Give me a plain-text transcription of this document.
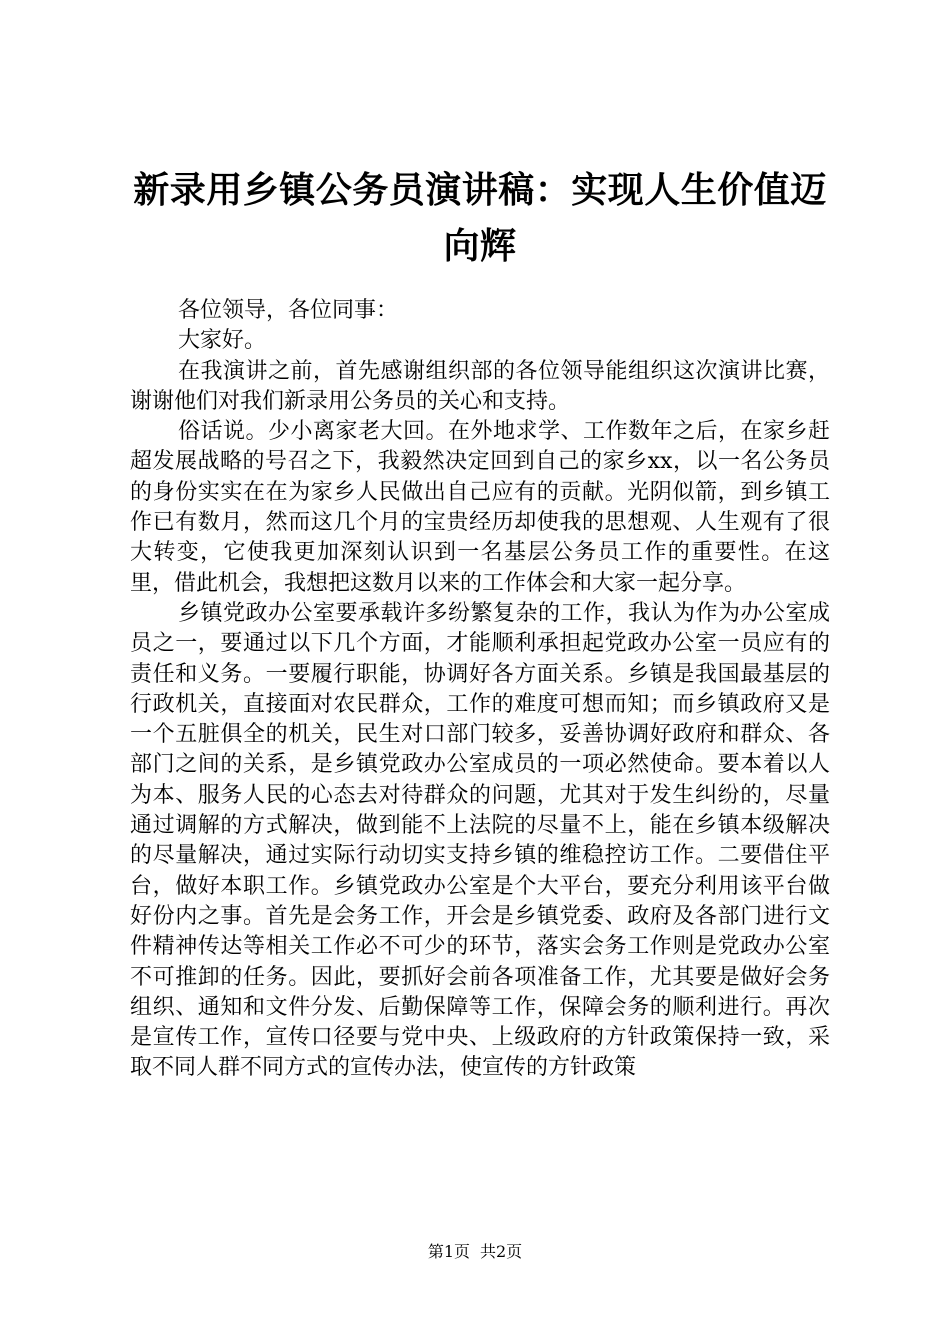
新录用乡镇公务员演讲稿：实现人生价值迈向辉

各位领导，各位同事：

大家好。

在我演讲之前，首先感谢组织部的各位领导能组织这次演讲比赛，谢谢他们对我们新录用公务员的关心和支持。

俗话说。少小离家老大回。在外地求学、工作数年之后，在家乡赶超发展战略的号召之下，我毅然决定回到自己的家乡xx，以一名公务员的身份实实在在为家乡人民做出自己应有的贡献。光阴似箭，到乡镇工作已有数月，然而这几个月的宝贵经历却使我的思想观、人生观有了很大转变，它使我更加深刻认识到一名基层公务员工作的重要性。在这里，借此机会，我想把这数月以来的工作体会和大家一起分享。

乡镇党政办公室要承载许多纷繁复杂的工作，我认为作为办公室成员之一，要通过以下几个方面，才能顺利承担起党政办公室一员应有的责任和义务。一要履行职能，协调好各方面关系。乡镇是我国最基层的行政机关，直接面对农民群众，工作的难度可想而知；而乡镇政府又是一个五脏俱全的机关，民生对口部门较多，妥善协调好政府和群众、各部门之间的关系，是乡镇党政办公室成员的一项必然使命。要本着以人为本、服务人民的心态去对待群众的问题，尤其对于发生纠纷的，尽量通过调解的方式解决，做到能不上法院的尽量不上，能在乡镇本级解决的尽量解决，通过实际行动切实支持乡镇的维稳控访工作。二要借住平台，做好本职工作。乡镇党政办公室是个大平台，要充分利用该平台做好份内之事。首先是会务工作，开会是乡镇党委、政府及各部门进行文件精神传达等相关工作必不可少的环节，落实会务工作则是党政办公室不可推卸的任务。因此，要抓好会前各项准备工作，尤其要是做好会务组织、通知和文件分发、后勤保障等工作，保障会务的顺利进行。再次是宣传工作，宣传口径要与党中央、上级政府的方针政策保持一致，采取不同人群不同方式的宣传办法，使宣传的方针政策

第1页 共2页
